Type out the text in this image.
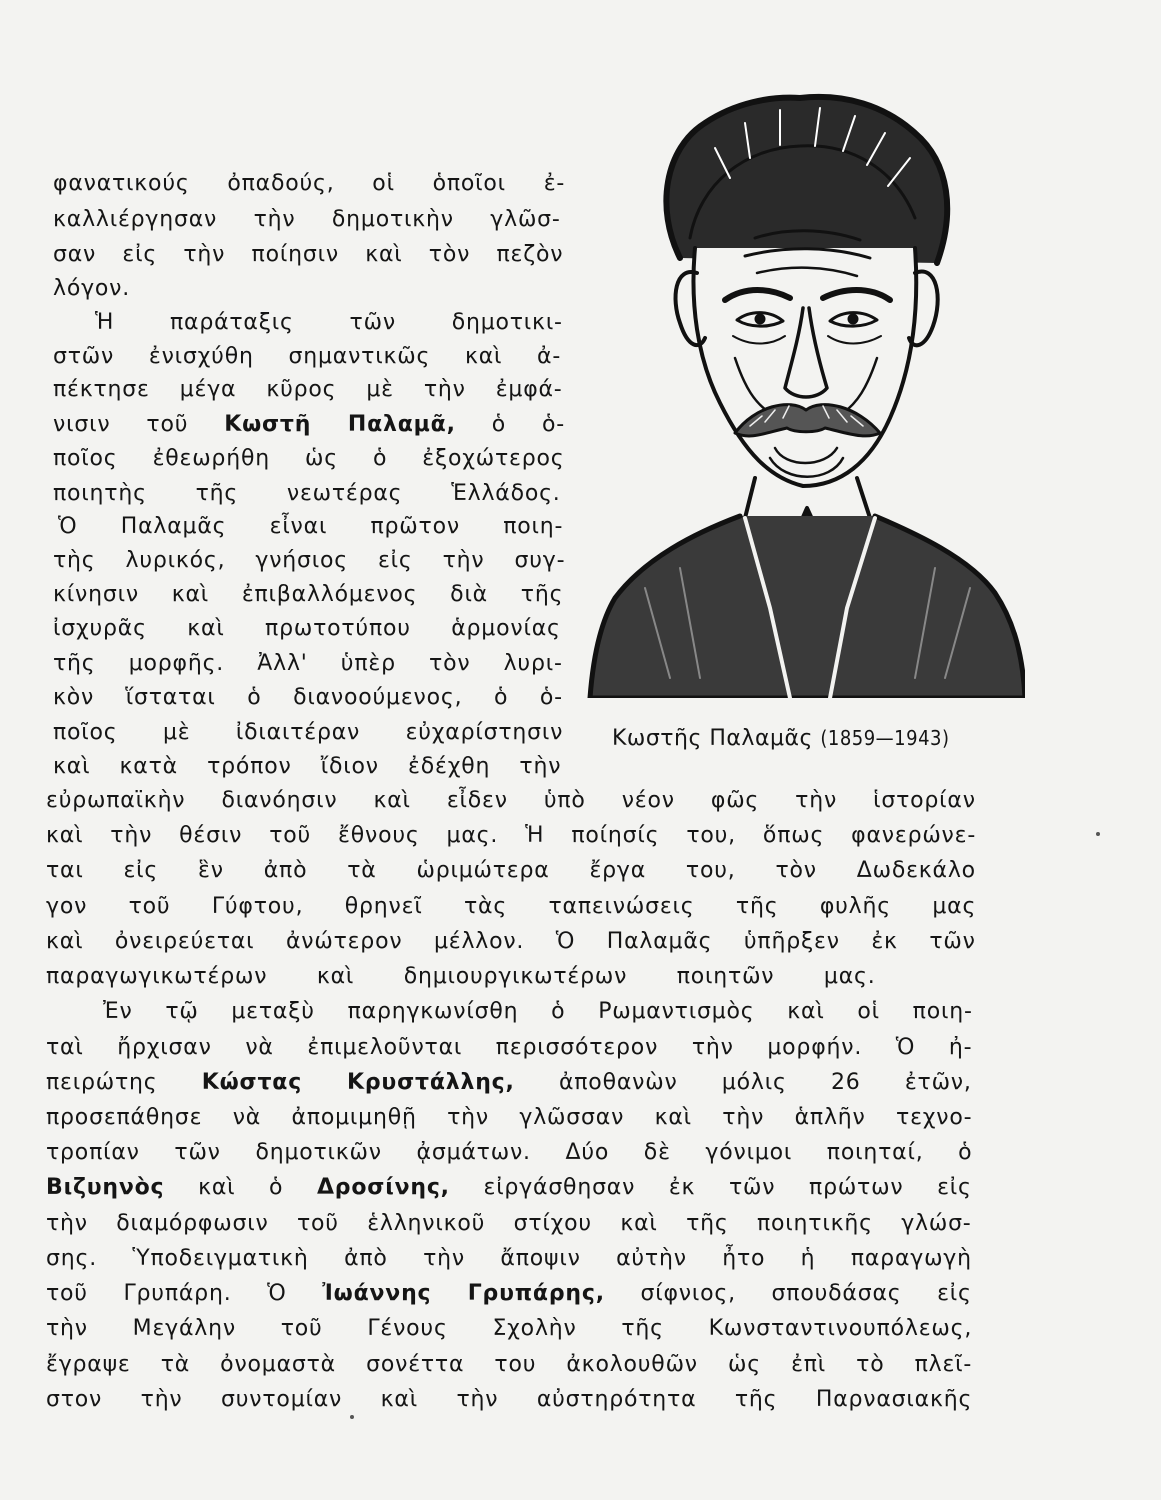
φανατικούς ὀπαδούς, οἱ ὁποῖοι ἐ-
καλλιέργησαν τὴν δημοτικὴν γλῶσ-
σαν εἰς τὴν ποίησιν καὶ τὸν πεζὸν
λόγον.
Ἡ παράταξις τῶν δημοτικι-
στῶν ἐνισχύθη σημαντικῶς καὶ ἀ-
πέκτησε μέγα κῦρος μὲ τὴν ἐμφά-
νισιν τοῦ Κωστῆ Παλαμᾶ, ὁ ὁ-
ποῖος ἐθεωρήθη ὡς ὁ ἐξοχώτερος
ποιητὴς τῆς νεωτέρας Ἑλλάδος.
Ὁ Παλαμᾶς εἶναι πρῶτον ποιη-
τὴς λυρικός, γνήσιος εἰς τὴν συγ-
κίνησιν καὶ ἐπιβαλλόμενος διὰ τῆς
ἰσχυρᾶς καὶ πρωτοτύπου ἁρμονίας
τῆς μορφῆς. Ἀλλ' ὑπὲρ τὸν λυρι-
κὸν ἵσταται ὁ διανοούμενος, ὁ ὁ-
ποῖος μὲ ἰδιαιτέραν εὐχαρίστησιν
καὶ κατὰ τρόπον ἴδιον ἐδέχθη τὴν
εὐρωπαϊκὴν διανόησιν καὶ εἶδεν ὑπὸ νέον φῶς τὴν ἱστορίαν
καὶ τὴν θέσιν τοῦ ἔθνους μας. Ἡ ποίησίς του, ὅπως φανερώνε-
ται εἰς ἓν ἀπὸ τὰ ὡριμώτερα ἔργα του, τὸν Δωδεκάλο
γον τοῦ Γύφτου, θρηνεῖ τὰς ταπεινώσεις τῆς φυλῆς μας
καὶ ὀνειρεύεται ἀνώτερον μέλλον. Ὁ Παλαμᾶς ὑπῆρξεν ἐκ τῶν
παραγωγικωτέρων καὶ δημιουργικωτέρων ποιητῶν μας.
Ἐν τῷ μεταξὺ παρηγκωνίσθη ὁ Ρωμαντισμὸς καὶ οἱ ποιη-
ταὶ ἤρχισαν νὰ ἐπιμελοῦνται περισσότερον τὴν μορφήν. Ὁ ἠ-
πειρώτης Κώστας Κρυστάλλης, ἀποθανὼν μόλις 26 ἐτῶν,
προσεπάθησε νὰ ἀπομιμηθῇ τὴν γλῶσσαν καὶ τὴν ἁπλῆν τεχνο-
τροπίαν τῶν δημοτικῶν ᾀσμάτων. Δύο δὲ γόνιμοι ποιηταί, ὁ
Βιζυηνὸς καὶ ὁ Δροσίνης, εἰργάσθησαν ἐκ τῶν πρώτων εἰς
τὴν διαμόρφωσιν τοῦ ἑλληνικοῦ στίχου καὶ τῆς ποιητικῆς γλώσ-
σης. Ὑποδειγματικὴ ἀπὸ τὴν ἄποψιν αὐτὴν ἦτο ἡ παραγωγὴ
τοῦ Γρυπάρη. Ὁ Ἰωάννης Γρυπάρης, σίφνιος, σπουδάσας εἰς
τὴν Μεγάλην τοῦ Γένους Σχολὴν τῆς Κωνσταντινουπόλεως,
ἔγραψε τὰ ὀνομαστὰ σονέττα του ἀκολουθῶν ὡς ἐπὶ τὸ πλεῖ-
στον τὴν συντομίαν καὶ τὴν αὐστηρότητα τῆς Παρνασιακῆς
Κωστῆς Παλαμᾶς (1859—1943)
